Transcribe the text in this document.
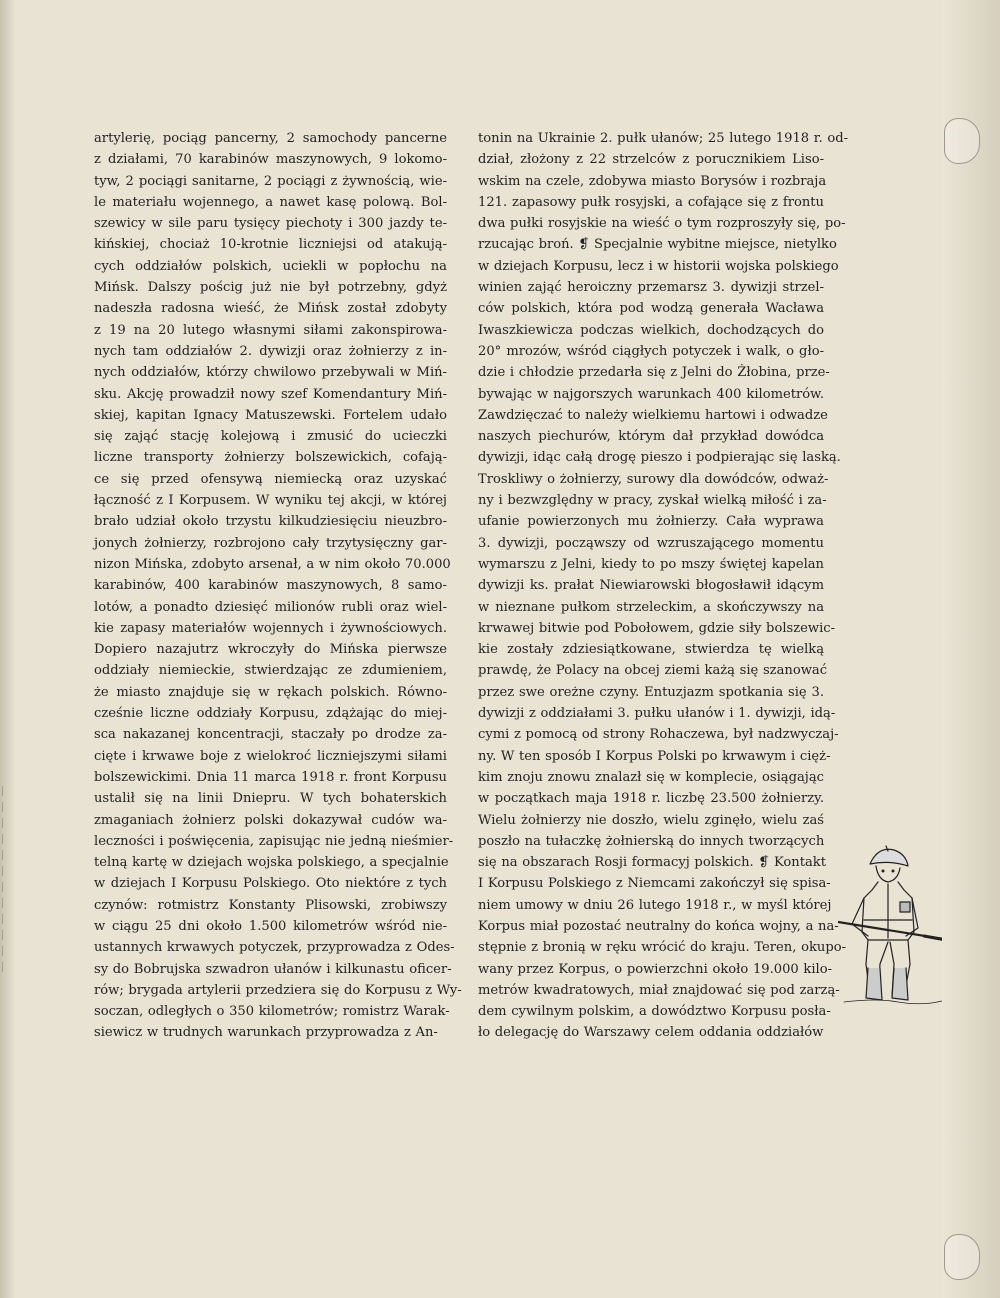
artylerię, pociąg pancerny, 2 samochody pancerne
z działami, 70 karabinów maszynowych, 9 lokomo-
tyw, 2 pociągi sanitarne, 2 pociągi z żywnością, wie-
le materiału wojennego, a nawet kasę polową. Bol-
szewicy w sile paru tysięcy piechoty i 300 jazdy te-
kińskiej, chociaż 10-krotnie liczniejsi od atakują-
cych oddziałów polskich, uciekli w popłochu na
Mińsk. Dalszy pościg już nie był potrzebny, gdyż
nadeszła radosna wieść, że Mińsk został zdobyty
z 19 na 20 lutego własnymi siłami zakonspirowa-
nych tam oddziałów 2. dywizji oraz żołnierzy z in-
nych oddziałów, którzy chwilowo przebywali w Miń-
sku. Akcję prowadził nowy szef Komendantury Miń-
skiej, kapitan Ignacy Matuszewski. Fortelem udało
się zająć stację kolejową i zmusić do ucieczki
liczne transporty żołnierzy bolszewickich, cofają-
ce się przed ofensywą niemiecką oraz uzyskać
łączność z I Korpusem. W wyniku tej akcji, w której
brało udział około trzystu kilkudziesięciu nieuzbro-
jonych żołnierzy, rozbrojono cały trzytysięczny gar-
nizon Mińska, zdobyto arsenał, a w nim około 70.000
karabinów, 400 karabinów maszynowych, 8 samo-
lotów, a ponadto dziesięć milionów rubli oraz wiel-
kie zapasy materiałów wojennych i żywnościowych.
Dopiero nazajutrz wkroczyły do Mińska pierwsze
oddziały niemieckie, stwierdzając ze zdumieniem,
że miasto znajduje się w rękach polskich. Równo-
cześnie liczne oddziały Korpusu, zdążając do miej-
sca nakazanej koncentracji, staczały po drodze za-
cięte i krwawe boje z wielokroć liczniejszymi siłami
bolszewickimi. Dnia 11 marca 1918 r. front Korpusu
ustalił się na linii Dniepru. W tych bohaterskich
zmaganiach żołnierz polski dokazywał cudów wa-
leczności i poświęcenia, zapisując nie jedną nieśmier-
telną kartę w dziejach wojska polskiego, a specjalnie
w dziejach I Korpusu Polskiego. Oto niektóre z tych
czynów: rotmistrz Konstanty Plisowski, zrobiwszy
w ciągu 25 dni około 1.500 kilometrów wśród nie-
ustannych krwawych potyczek, przyprowadza z Odes-
sy do Bobrujska szwadron ułanów i kilkunastu oficer-
rów; brygada artylerii przedziera się do Korpusu z Wy-
soczan, odległych o 350 kilometrów; romistrz Warak-
siewicz w trudnych warunkach przyprowadza z An-
tonin na Ukrainie 2. pułk ułanów; 25 lutego 1918 r. od-
dział, złożony z 22 strzelców z porucznikiem Liso-
wskim na czele, zdobywa miasto Borysów i rozbraja
121. zapasowy pułk rosyjski, a cofające się z frontu
dwa pułki rosyjskie na wieść o tym rozproszyły się, po-
rzucając broń. ❡ Specjalnie wybitne miejsce, nietylko
w dziejach Korpusu, lecz i w historii wojska polskiego
winien zająć heroiczny przemarsz 3. dywizji strzel-
ców polskich, która pod wodzą generała Wacława
Iwaszkiewicza podczas wielkich, dochodzących do
20° mrozów, wśród ciągłych potyczek i walk, o gło-
dzie i chłodzie przedarła się z Jelni do Żłobina, prze-
bywając w najgorszych warunkach 400 kilometrów.
Zawdzięczać to należy wielkiemu hartowi i odwadze
naszych piechurów, którym dał przykład dowódca
dywizji, idąc całą drogę pieszo i podpierając się laską.
Troskliwy o żołnierzy, surowy dla dowódców, odważ-
ny i bezwzględny w pracy, zyskał wielką miłość i za-
ufanie powierzonych mu żołnierzy. Cała wyprawa
3. dywizji, począwszy od wzruszającego momentu
wymarszu z Jelni, kiedy to po mszy świętej kapelan
dywizji ks. prałat Niewiarowski błogosławił idącym
w nieznane pułkom strzeleckim, a skończywszy na
krwawej bitwie pod Pobołowem, gdzie siły bolszewic-
kie zostały zdziesiątkowane, stwierdza tę wielką
prawdę, że Polacy na obcej ziemi każą się szanować
przez swe oreżne czyny. Entuzjazm spotkania się 3.
dywizji z oddziałami 3. pułku ułanów i 1. dywizji, idą-
cymi z pomocą od strony Rohaczewa, był nadzwyczaj-
ny. W ten sposób I Korpus Polski po krwawym i cięż-
kim znoju znowu znalazł się w komplecie, osiągając
w początkach maja 1918 r. liczbę 23.500 żołnierzy.
Wielu żołnierzy nie doszło, wielu zginęło, wielu zaś
poszło na tułaczkę żołnierską do innych tworzących
się na obszarach Rosji formacyj polskich. ❡ Kontakt
I Korpusu Polskiego z Niemcami zakończył się spisa-
niem umowy w dniu 26 lutego 1918 r., w myśl której
Korpus miał pozostać neutralny do końca wojny, a na-
stępnie z bronią w ręku wrócić do kraju. Teren, okupo-
wany przez Korpus, o powierzchni około 19.000 kilo-
metrów kwadratowych, miał znajdować się pod zarzą-
dem cywilnym polskim, a dowództwo Korpusu posła-
ło delegację do Warszawy celem oddania oddziałów
